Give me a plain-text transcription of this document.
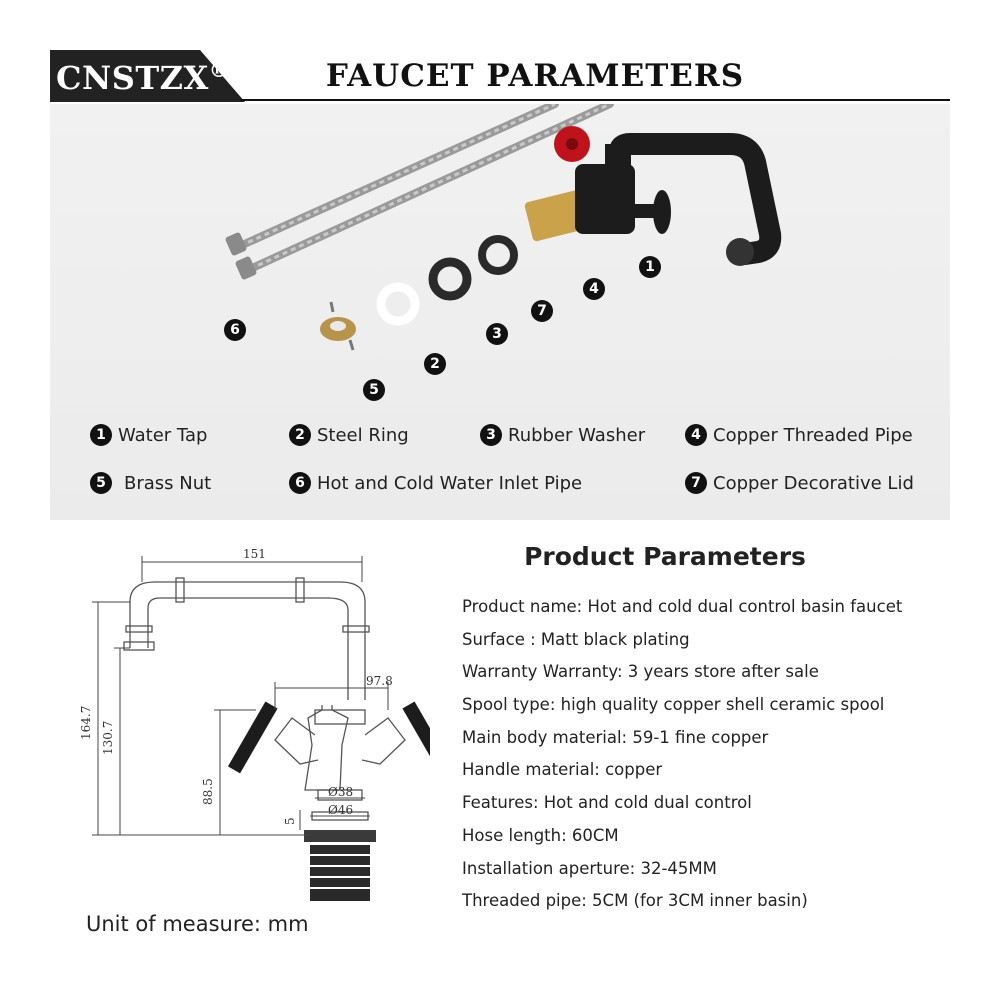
CNSTZX®	FAUCET PARAMETERS
1
2
3
4
5
6
7
1 Water Tap	2 Steel Ring	3 Rubber Washer	4 Copper Threaded Pipe
5	Brass Nut	6 Hot and Cold Water Inlet Pipe	7 Copper Decorative Lid
151
164.7 130.7
97.8
88.5	Ø38
Ø46
5
Unit of measure: mm
Product Parameters
Product name: Hot and cold dual control basin faucet
Surface : Matt black plating
Warranty Warranty: 3 years store after sale
Spool type: high quality copper shell ceramic spool
Main body material: 59-1 fine copper
Handle material: copper
Features: Hot and cold dual control
Hose length: 60CM
Installation aperture: 32-45MM
Threaded pipe: 5CM (for 3CM inner basin)
